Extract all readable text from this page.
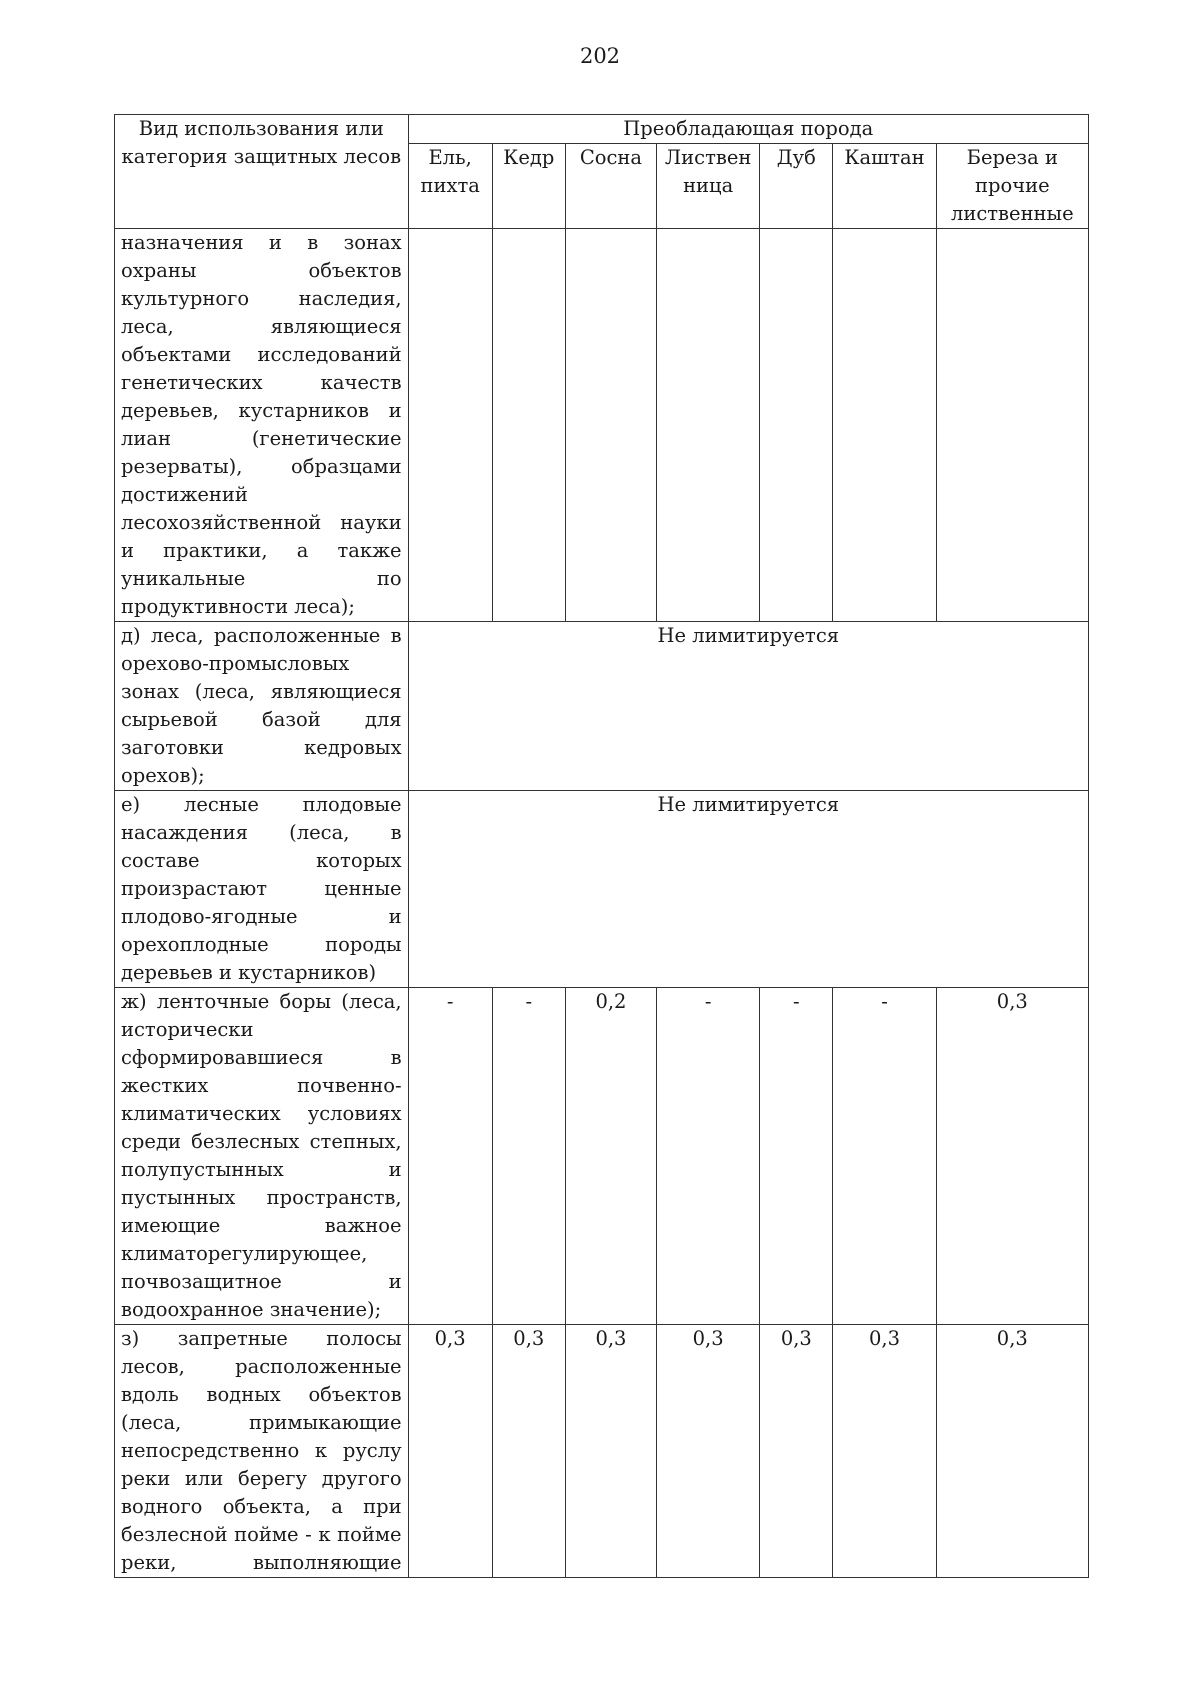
202
Вид использования или категория защитных лесов	Преобладающая порода						
	Ель, пихта	Кедр	Сосна	Листвен ница	Дуб	Каштан	Береза и прочие лиственные
назначения и в зонах охраны объектов культурного наследия, леса, являющиеся объектами исследований генетических качеств деревьев, кустарников и лиан (генетические резерваты), образцами достижений лесохозяйственной науки и практики, а также уникальные по продуктивности леса);							
д) леса, расположенные в орехово-промысловых зонах (леса, являющиеся сырьевой базой для заготовки кедровых орехов);	Не лимитируется						
е) лесные плодовые насаждения (леса, в составе которых произрастают ценные плодово-ягодные и орехоплодные породы деревьев и кустарников)	Не лимитируется						
ж) ленточные боры (леса, исторически сформировавшиеся в жестких почвенно-климатических условиях среди безлесных степных, полупустынных и пустынных пространств, имеющие важное климаторегулирующее, почвозащитное и водоохранное значение);	-	-	0,2	-	-	-	0,3
з) запретные полосы лесов, расположенные вдоль водных объектов (леса, примыкающие непосредственно к руслу реки или берегу другого водного объекта, а при безлесной пойме - к пойме реки, выполняющие	0,3	0,3	0,3	0,3	0,3	0,3	0,3
